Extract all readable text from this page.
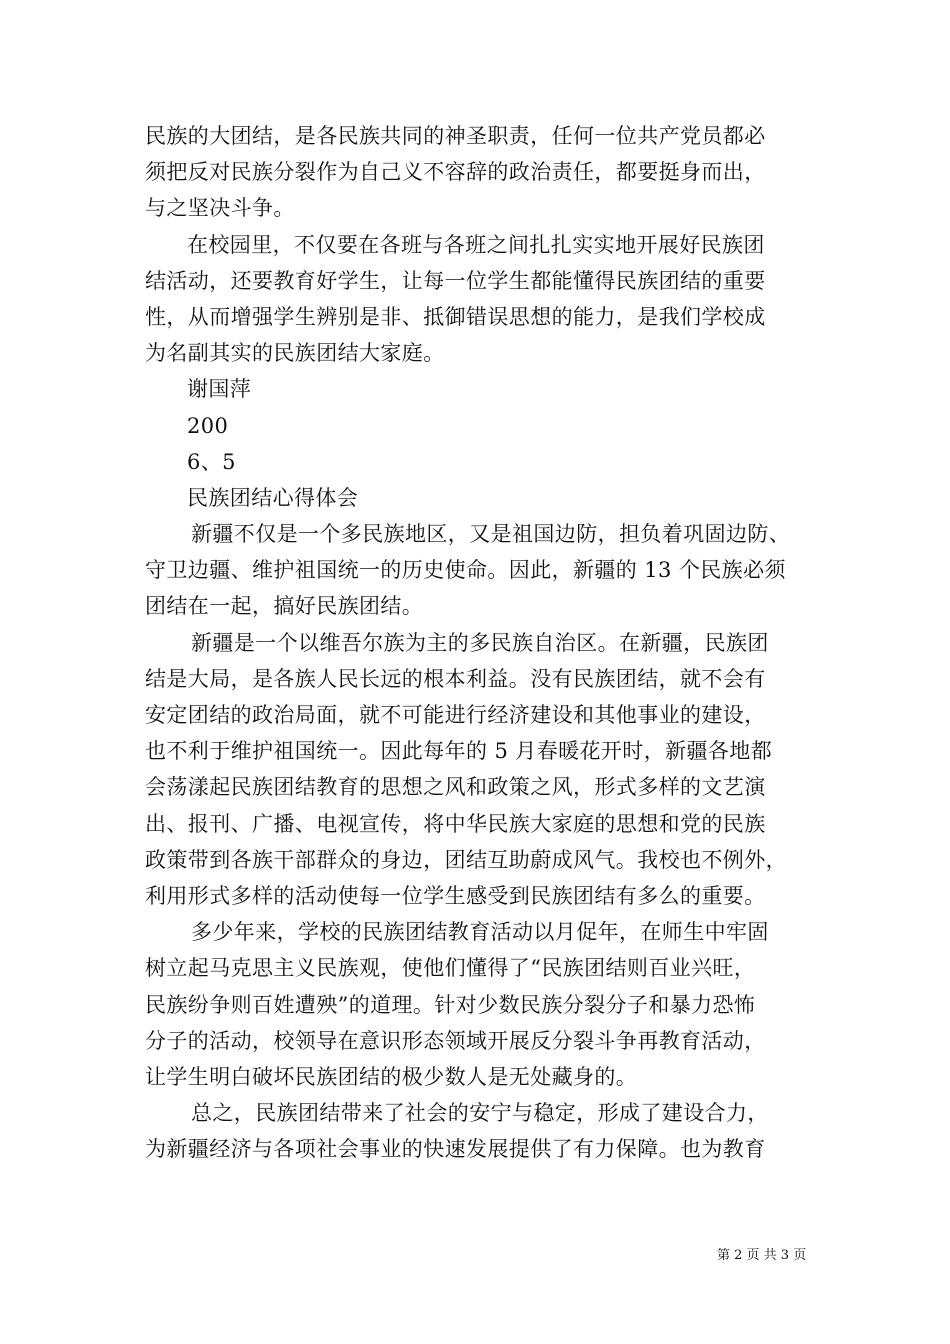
民族的大团结，是各民族共同的神圣职责，任何一位共产党员都必
须把反对民族分裂作为自己义不容辞的政治责任，都要挺身而出，
与之坚决斗争。
在校园里，不仅要在各班与各班之间扎扎实实地开展好民族团
结活动，还要教育好学生，让每一位学生都能懂得民族团结的重要
性，从而增强学生辨别是非、抵御错误思想的能力，是我们学校成
为名副其实的民族团结大家庭。
谢国萍
200
6、5
民族团结心得体会
新疆不仅是一个多民族地区，又是祖国边防，担负着巩固边防、
守卫边疆、维护祖国统一的历史使命。因此，新疆的 13 个民族必须
团结在一起，搞好民族团结。
新疆是一个以维吾尔族为主的多民族自治区。在新疆，民族团
结是大局，是各族人民长远的根本利益。没有民族团结，就不会有
安定团结的政治局面，就不可能进行经济建设和其他事业的建设，
也不利于维护祖国统一。因此每年的 5 月春暖花开时，新疆各地都
会荡漾起民族团结教育的思想之风和政策之风，形式多样的文艺演
出、报刊、广播、电视宣传，将中华民族大家庭的思想和党的民族
政策带到各族干部群众的身边，团结互助蔚成风气。我校也不例外，
利用形式多样的活动使每一位学生感受到民族团结有多么的重要。
多少年来，学校的民族团结教育活动以月促年，在师生中牢固
树立起马克思主义民族观，使他们懂得了“民族团结则百业兴旺，
民族纷争则百姓遭殃”的道理。针对少数民族分裂分子和暴力恐怖
分子的活动，校领导在意识形态领域开展反分裂斗争再教育活动，
让学生明白破坏民族团结的极少数人是无处藏身的。
总之，民族团结带来了社会的安宁与稳定，形成了建设合力，
为新疆经济与各项社会事业的快速发展提供了有力保障。也为教育
第 2 页 共 3 页
